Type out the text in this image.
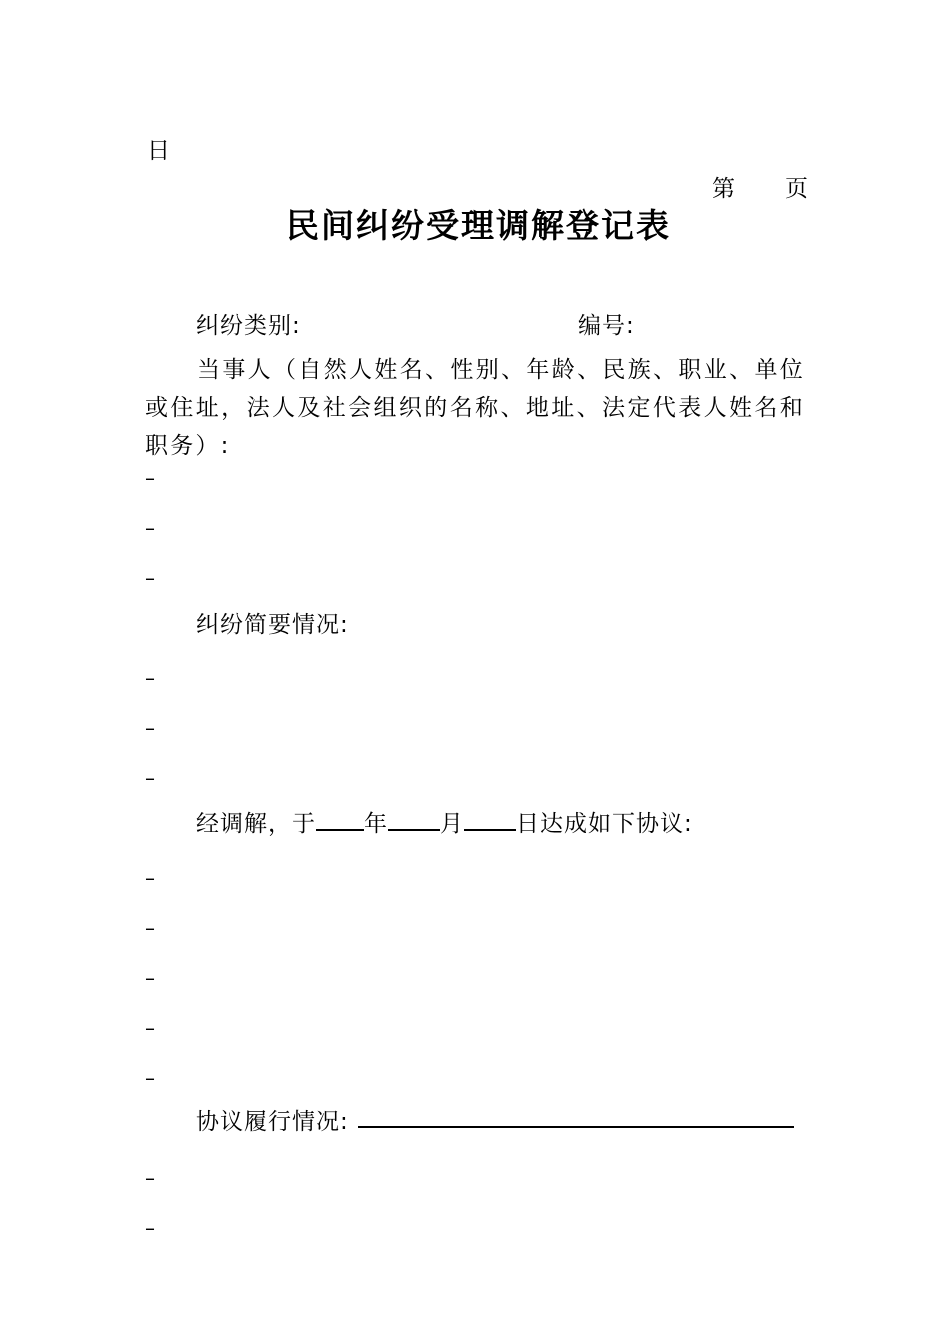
日
第 页
民间纠纷受理调解登记表
纠纷类别:	编号:
当事人（自然人姓名、性别、年龄、民族、职业、单位或住址，法人及社会组织的名称、地址、法定代表人姓名和职务）:
–
–
–
纠纷简要情况:
–
–
–
经调解，于 年 月 日达成如下协议:
–
–
–
–
–
协议履行情况:
–
–
